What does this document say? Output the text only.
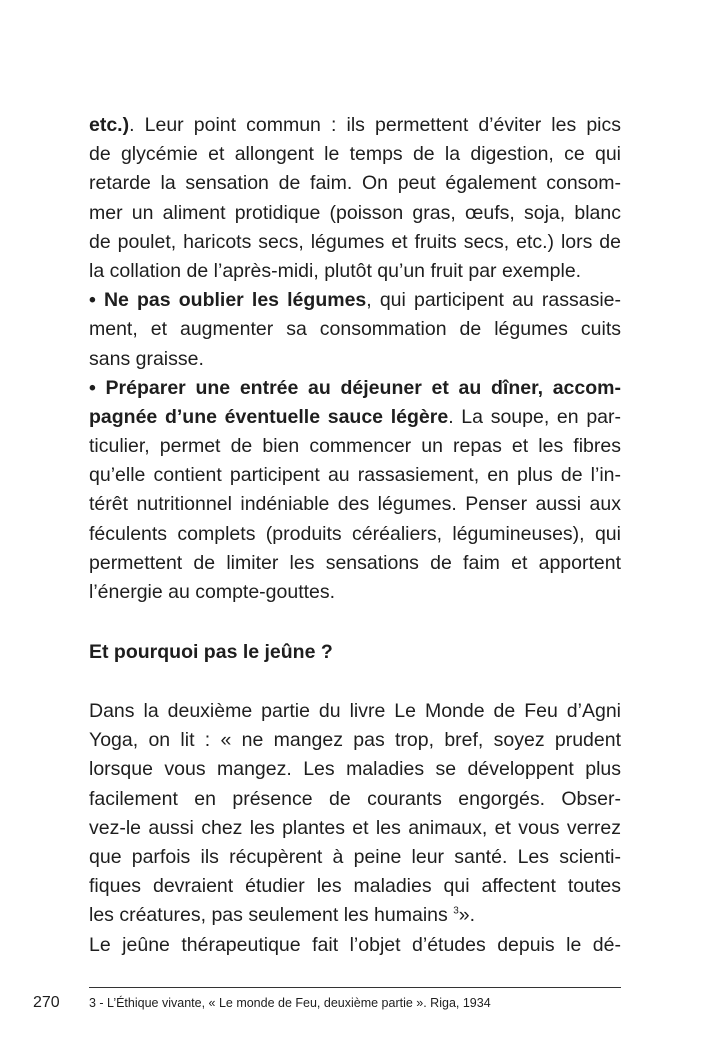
etc.). Leur point commun : ils permettent d’éviter les pics
de glycémie et allongent le temps de la digestion, ce qui
retarde la sensation de faim. On peut également consom-
mer un aliment protidique (poisson gras, œufs, soja, blanc
de poulet, haricots secs, légumes et fruits secs, etc.) lors de
la collation de l’après-midi, plutôt qu’un fruit par exemple.
• Ne pas oublier les légumes, qui participent au rassasie-
ment, et augmenter sa consommation de légumes cuits
sans graisse.
• Préparer une entrée au déjeuner et au dîner, accom-
pagnée d’une éventuelle sauce légère. La soupe, en par-
ticulier, permet de bien commencer un repas et les fibres
qu’elle contient participent au rassasiement, en plus de l’in-
térêt nutritionnel indéniable des légumes. Penser aussi aux
féculents complets (produits céréaliers, légumineuses), qui
permettent de limiter les sensations de faim et apportent
l’énergie au compte-gouttes.
Et pourquoi pas le jeûne ?
Dans la deuxième partie du livre Le Monde de Feu d’Agni
Yoga, on lit : « ne mangez pas trop, bref, soyez prudent
lorsque vous mangez. Les maladies se développent plus
facilement en présence de courants engorgés. Obser-
vez-le aussi chez les plantes et les animaux, et vous verrez
que parfois ils récupèrent à peine leur santé. Les scienti-
fiques devraient étudier les maladies qui affectent toutes
les créatures, pas seulement les humains $^3$».
Le jeûne thérapeutique fait l’objet d’études depuis le dé-
270 3 - L’Éthique vivante, « Le monde de Feu, deuxième partie ». Riga, 1934
